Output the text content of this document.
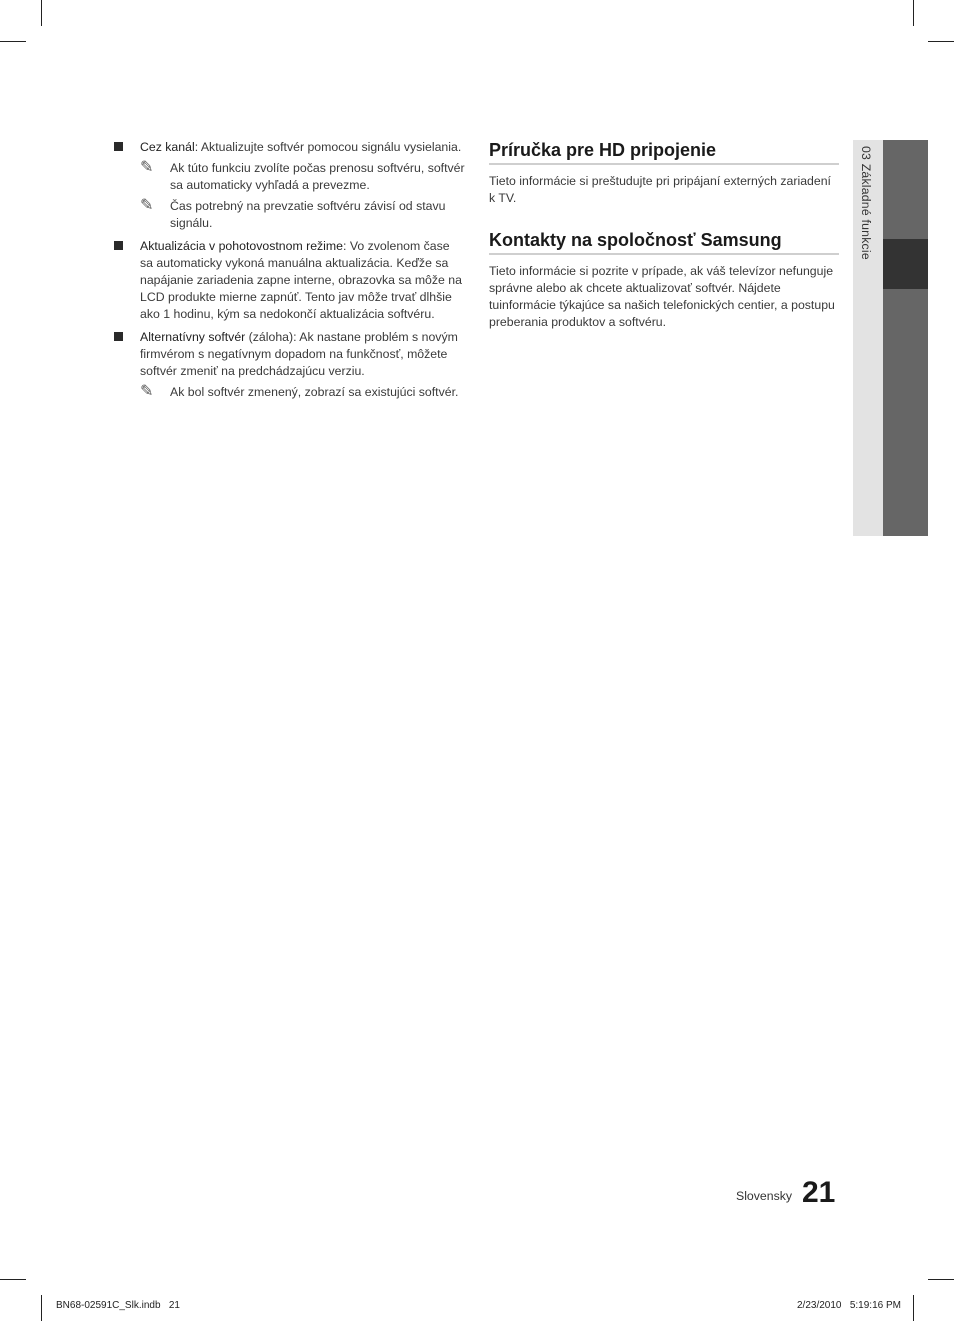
Cez kanál: Aktualizujte softvér pomocou signálu vysielania.
✎ Ak túto funkciu zvolíte počas prenosu softvéru, softvér sa automaticky vyhľadá a prevezme.
✎ Čas potrebný na prevzatie softvéru závisí od stavu signálu.
Aktualizácia v pohotovostnom režime: Vo zvolenom čase sa automaticky vykoná manuálna aktualizácia. Keďže sa napájanie zariadenia zapne interne, obrazovka sa môže na LCD produkte mierne zapnúť. Tento jav môže trvať dlhšie ako 1 hodinu, kým sa nedokončí aktualizácia softvéru.
Alternatívny softvér (záloha): Ak nastane problém s novým firmvérom s negatívnym dopadom na funkčnosť, môžete softvér zmeniť na predchádzajúcu verziu.
✎ Ak bol softvér zmenený, zobrazí sa existujúci softvér.
Príručka pre HD pripojenie

Tieto informácie si preštudujte pri pripájaní externých zariadení k TV.

Kontakty na spoločnosť Samsung

Tieto informácie si pozrite v prípade, ak váš televízor nefunguje správne alebo ak chcete aktualizovať softvér. Nájdete tuinformácie týkajúce sa našich telefonických centier, a postupu preberania produktov a softvéru.

03 Základné funkcie
Slovensky 21
BN68-02591C_Slk.indb   21	2/23/2010   5:19:16 PM
